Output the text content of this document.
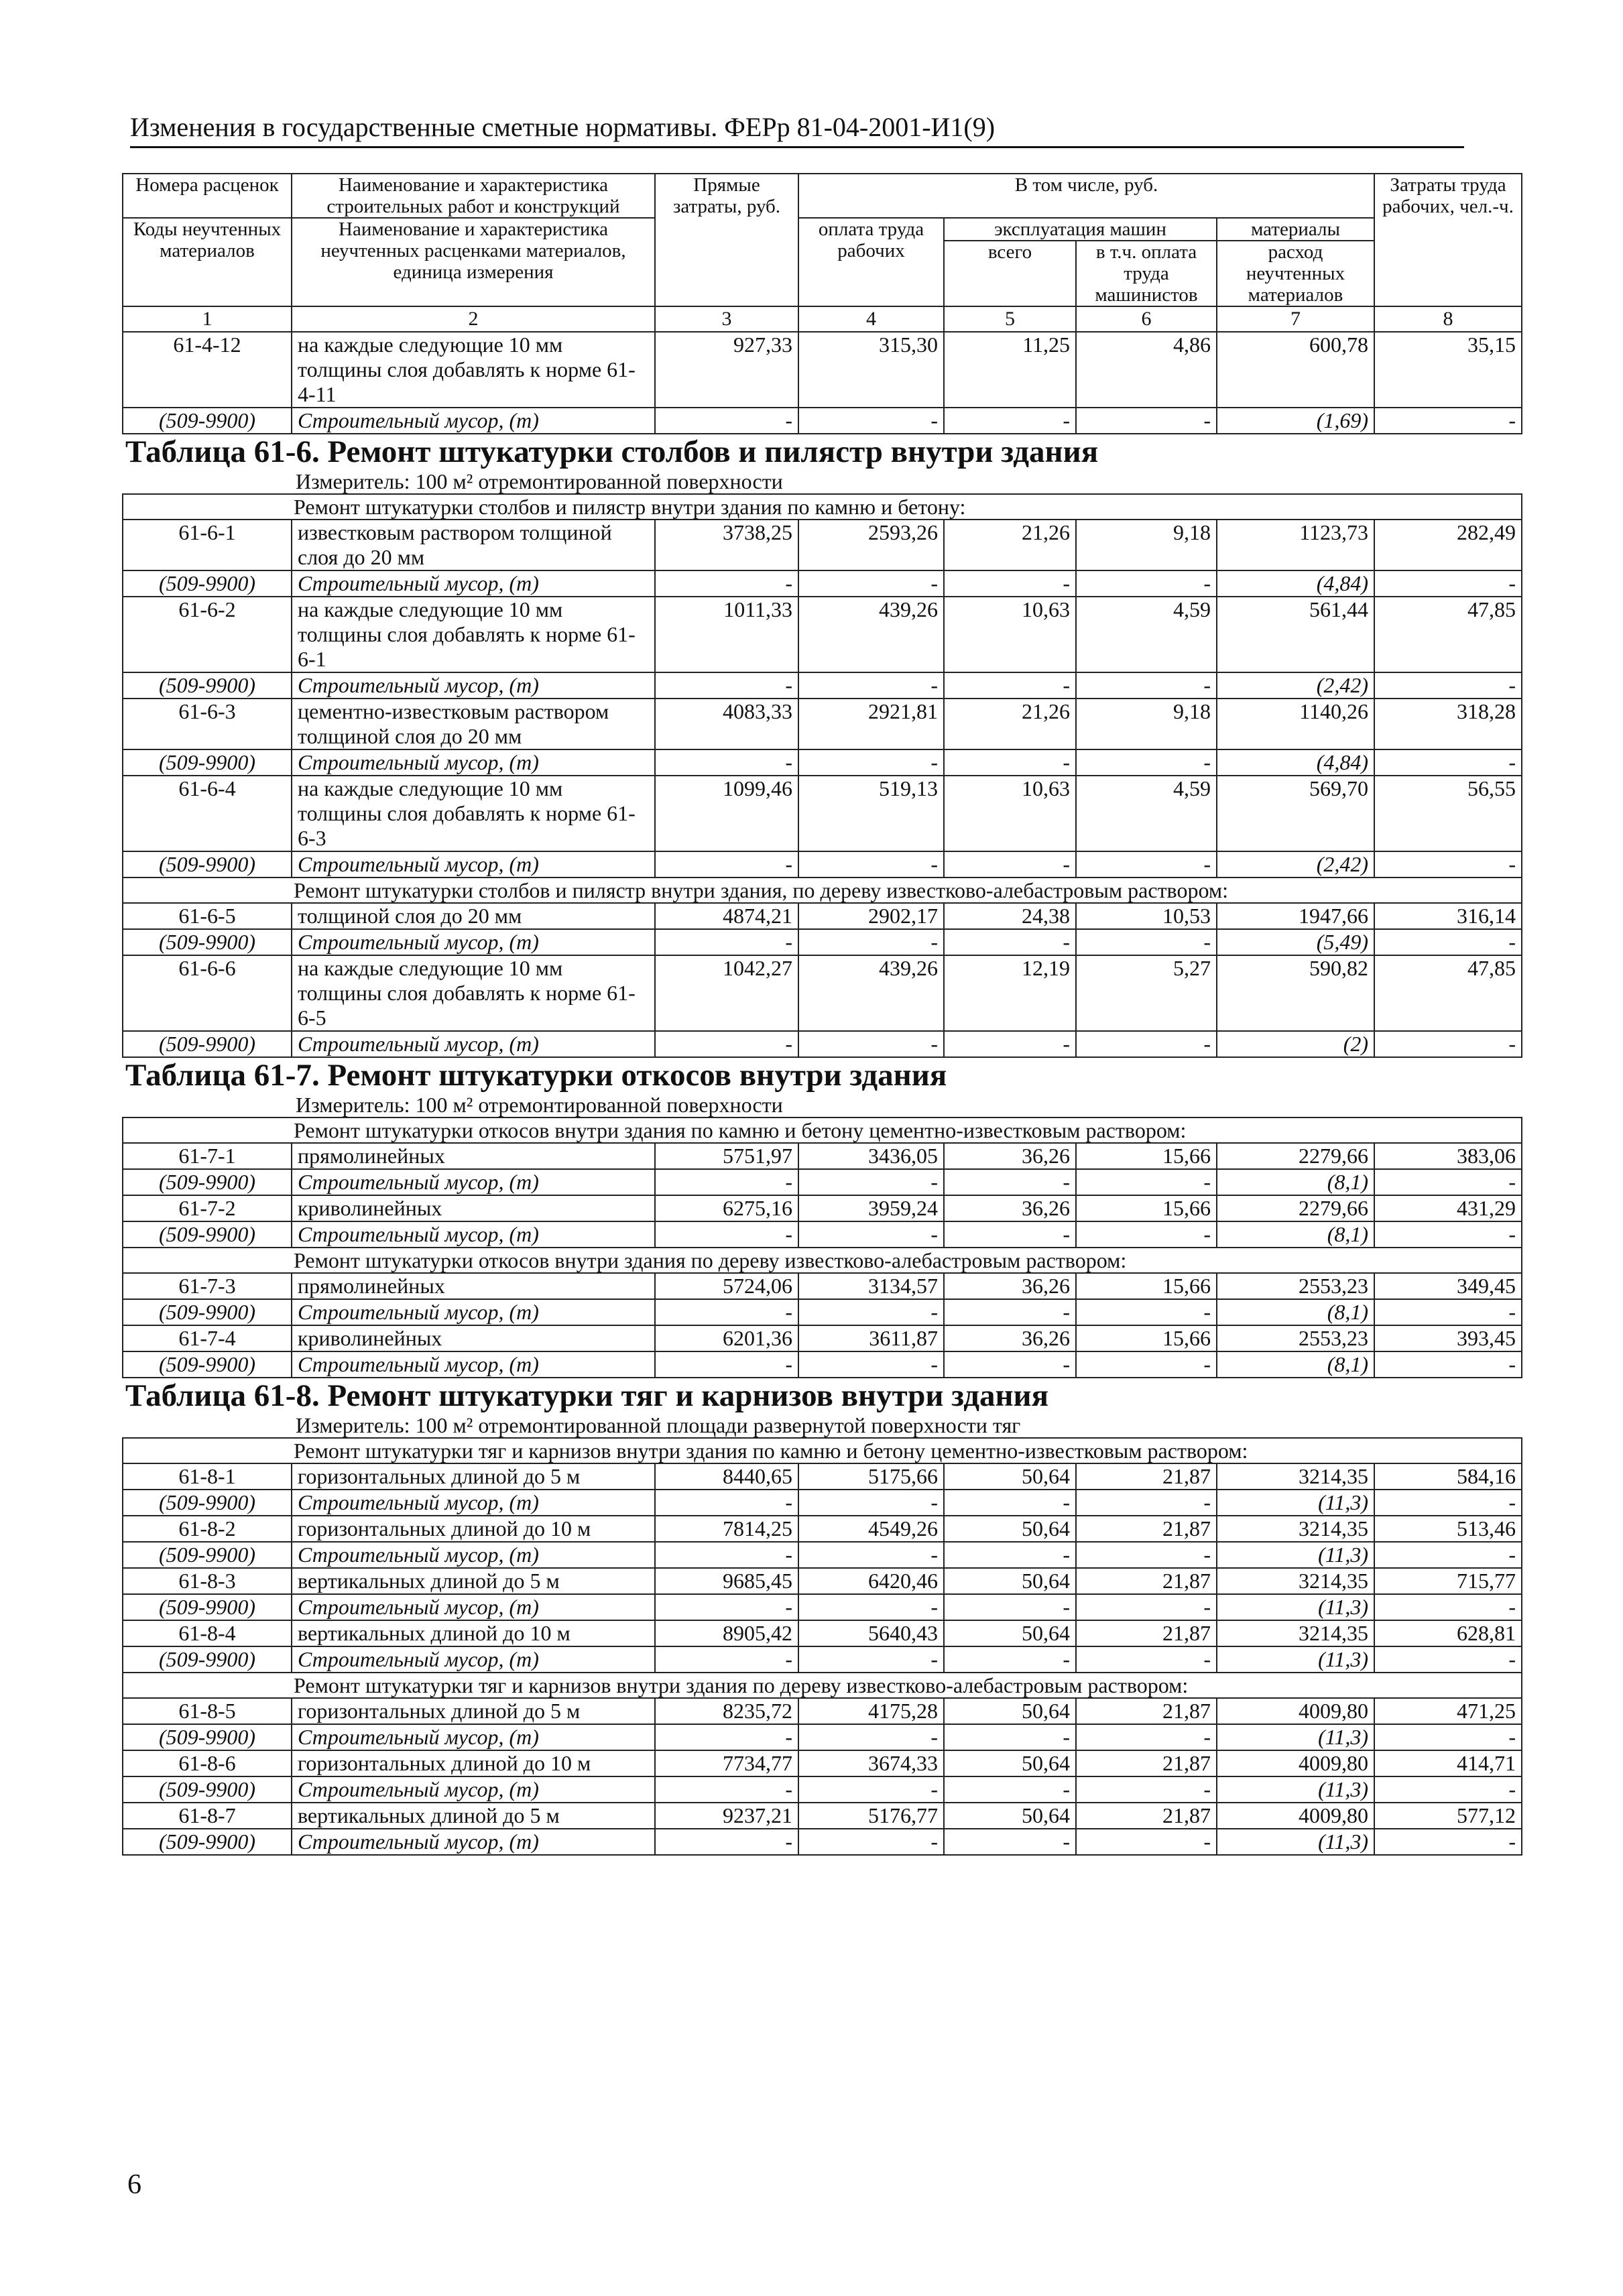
Изменения в государственные сметные нормативы. ФЕРр 81-04-2001-И1(9)
Номера расценок	Наименование и характеристика строительных работ и конструкций	Прямые затраты, руб.	В том числе, руб.				Затраты труда рабочих, чел.-ч.
Коды неучтенных материалов	Наименование и характеристика неучтенных расценками материалов, единица измерения		оплата труда рабочих	эксплуатация машин		материалы	
				всего	в т.ч. оплата труда машинистов	расход неучтенных материалов	
1	2	3	4	5	6	7	8
61-4-12	на каждые следующие 10 мм толщины слоя добавлять к норме 61-4-11	927,33	315,30	11,25	4,86	600,78	35,15
(509-9900)	Строительный мусор, (т)	-	-	-	-	(1,69)	-

Таблица 61-6. Ремонт штукатурки столбов и пилястр внутри здания
Измеритель: 100 м² отремонтированной поверхности							

Ремонт штукатурки столбов и пилястр внутри здания по камню и бетону:							
61-6-1	известковым раствором толщиной слоя до 20 мм	3738,25	2593,26	21,26	9,18	1123,73	282,49
(509-9900)	Строительный мусор, (т)	-	-	-	-	(4,84)	-
61-6-2	на каждые следующие 10 мм толщины слоя добавлять к норме 61-6-1	1011,33	439,26	10,63	4,59	561,44	47,85
(509-9900)	Строительный мусор, (т)	-	-	-	-	(2,42)	-
61-6-3	цементно-известковым раствором толщиной слоя до 20 мм	4083,33	2921,81	21,26	9,18	1140,26	318,28
(509-9900)	Строительный мусор, (т)	-	-	-	-	(4,84)	-
61-6-4	на каждые следующие 10 мм толщины слоя добавлять к норме 61-6-3	1099,46	519,13	10,63	4,59	569,70	56,55
(509-9900)	Строительный мусор, (т)	-	-	-	-	(2,42)	-
Ремонт штукатурки столбов и пилястр внутри здания, по дереву известково-алебастровым раствором:							
61-6-5	толщиной слоя до 20 мм	4874,21	2902,17	24,38	10,53	1947,66	316,14
(509-9900)	Строительный мусор, (т)	-	-	-	-	(5,49)	-
61-6-6	на каждые следующие 10 мм толщины слоя добавлять к норме 61-6-5	1042,27	439,26	12,19	5,27	590,82	47,85
(509-9900)	Строительный мусор, (т)	-	-	-	-	(2)	-

Таблица 61-7. Ремонт штукатурки откосов внутри здания
Измеритель: 100 м² отремонтированной поверхности							

Ремонт штукатурки откосов внутри здания по камню и бетону цементно-известковым раствором:							
61-7-1	прямолинейных	5751,97	3436,05	36,26	15,66	2279,66	383,06
(509-9900)	Строительный мусор, (т)	-	-	-	-	(8,1)	-
61-7-2	криволинейных	6275,16	3959,24	36,26	15,66	2279,66	431,29
(509-9900)	Строительный мусор, (т)	-	-	-	-	(8,1)	-
Ремонт штукатурки откосов внутри здания по дереву известково-алебастровым раствором:							
61-7-3	прямолинейных	5724,06	3134,57	36,26	15,66	2553,23	349,45
(509-9900)	Строительный мусор, (т)	-	-	-	-	(8,1)	-
61-7-4	криволинейных	6201,36	3611,87	36,26	15,66	2553,23	393,45
(509-9900)	Строительный мусор, (т)	-	-	-	-	(8,1)	-

Таблица 61-8. Ремонт штукатурки тяг и карнизов внутри здания
Измеритель: 100 м² отремонтированной площади развернутой поверхности тяг							

Ремонт штукатурки тяг и карнизов внутри здания по камню и бетону цементно-известковым раствором:							
61-8-1	горизонтальных длиной до 5 м	8440,65	5175,66	50,64	21,87	3214,35	584,16
(509-9900)	Строительный мусор, (т)	-	-	-	-	(11,3)	-
61-8-2	горизонтальных длиной до 10 м	7814,25	4549,26	50,64	21,87	3214,35	513,46
(509-9900)	Строительный мусор, (т)	-	-	-	-	(11,3)	-
61-8-3	вертикальных длиной до 5 м	9685,45	6420,46	50,64	21,87	3214,35	715,77
(509-9900)	Строительный мусор, (т)	-	-	-	-	(11,3)	-
61-8-4	вертикальных длиной до 10 м	8905,42	5640,43	50,64	21,87	3214,35	628,81
(509-9900)	Строительный мусор, (т)	-	-	-	-	(11,3)	-
Ремонт штукатурки тяг и карнизов внутри здания по дереву известково-алебастровым раствором:							
61-8-5	горизонтальных длиной до 5 м	8235,72	4175,28	50,64	21,87	4009,80	471,25
(509-9900)	Строительный мусор, (т)	-	-	-	-	(11,3)	-
61-8-6	горизонтальных длиной до 10 м	7734,77	3674,33	50,64	21,87	4009,80	414,71
(509-9900)	Строительный мусор, (т)	-	-	-	-	(11,3)	-
61-8-7	вертикальных длиной до 5 м	9237,21	5176,77	50,64	21,87	4009,80	577,12
(509-9900)	Строительный мусор, (т)	-	-	-	-	(11,3)	-
6
